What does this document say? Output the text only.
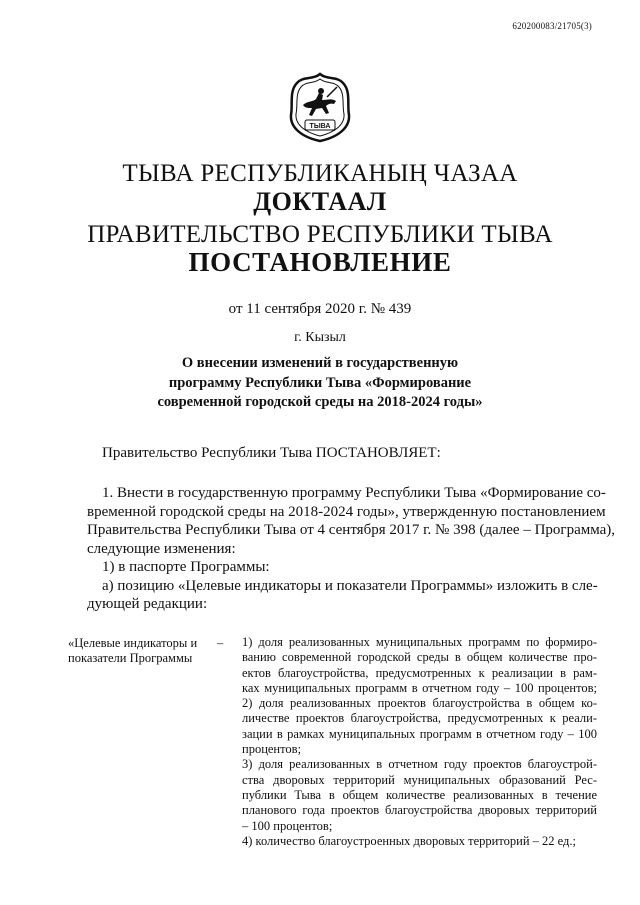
620200083/21705(3)
ТЫВА
ТЫВА РЕСПУБЛИКАНЫҢ ЧАЗАА
ДОКТААЛ
ПРАВИТЕЛЬСТВО РЕСПУБЛИКИ ТЫВА
ПОСТАНОВЛЕНИЕ
от 11 сентября 2020 г. № 439
г. Кызыл
О внесении изменений в государственную
программу Республики Тыва «Формирование
современной городской среды на 2018-2024 годы»
Правительство Республики Тыва ПОСТАНОВЛЯЕТ:
1. Внести в государственную программу Республики Тыва «Формирование со-
временной городской среды на 2018-2024 годы», утвержденную постановлением
Правительства Республики Тыва от 4 сентября 2017 г. № 398 (далее – Программа),
следующие изменения:
1) в паспорте Программы:
а) позицию «Целевые индикаторы и показатели Программы» изложить в сле-
дующей редакции:
«Целевые индикаторы и
показатели Программы
– 1) доля реализованных муниципальных программ по формиро-
ванию современной городской среды в общем количестве про-
ектов благоустройства, предусмотренных к реализации в рам-
ках муниципальных программ в отчетном году – 100 процентов;
2) доля реализованных проектов благоустройства в общем ко-
личестве проектов благоустройства, предусмотренных к реали-
зации в рамках муниципальных программ в отчетном году – 100
процентов;
3) доля реализованных в отчетном году проектов благоустрой-
ства дворовых территорий муниципальных образований Рес-
публики Тыва в общем количестве реализованных в течение
планового года проектов благоустройства дворовых территорий
– 100 процентов;
4) количество благоустроенных дворовых территорий – 22 ед.;
